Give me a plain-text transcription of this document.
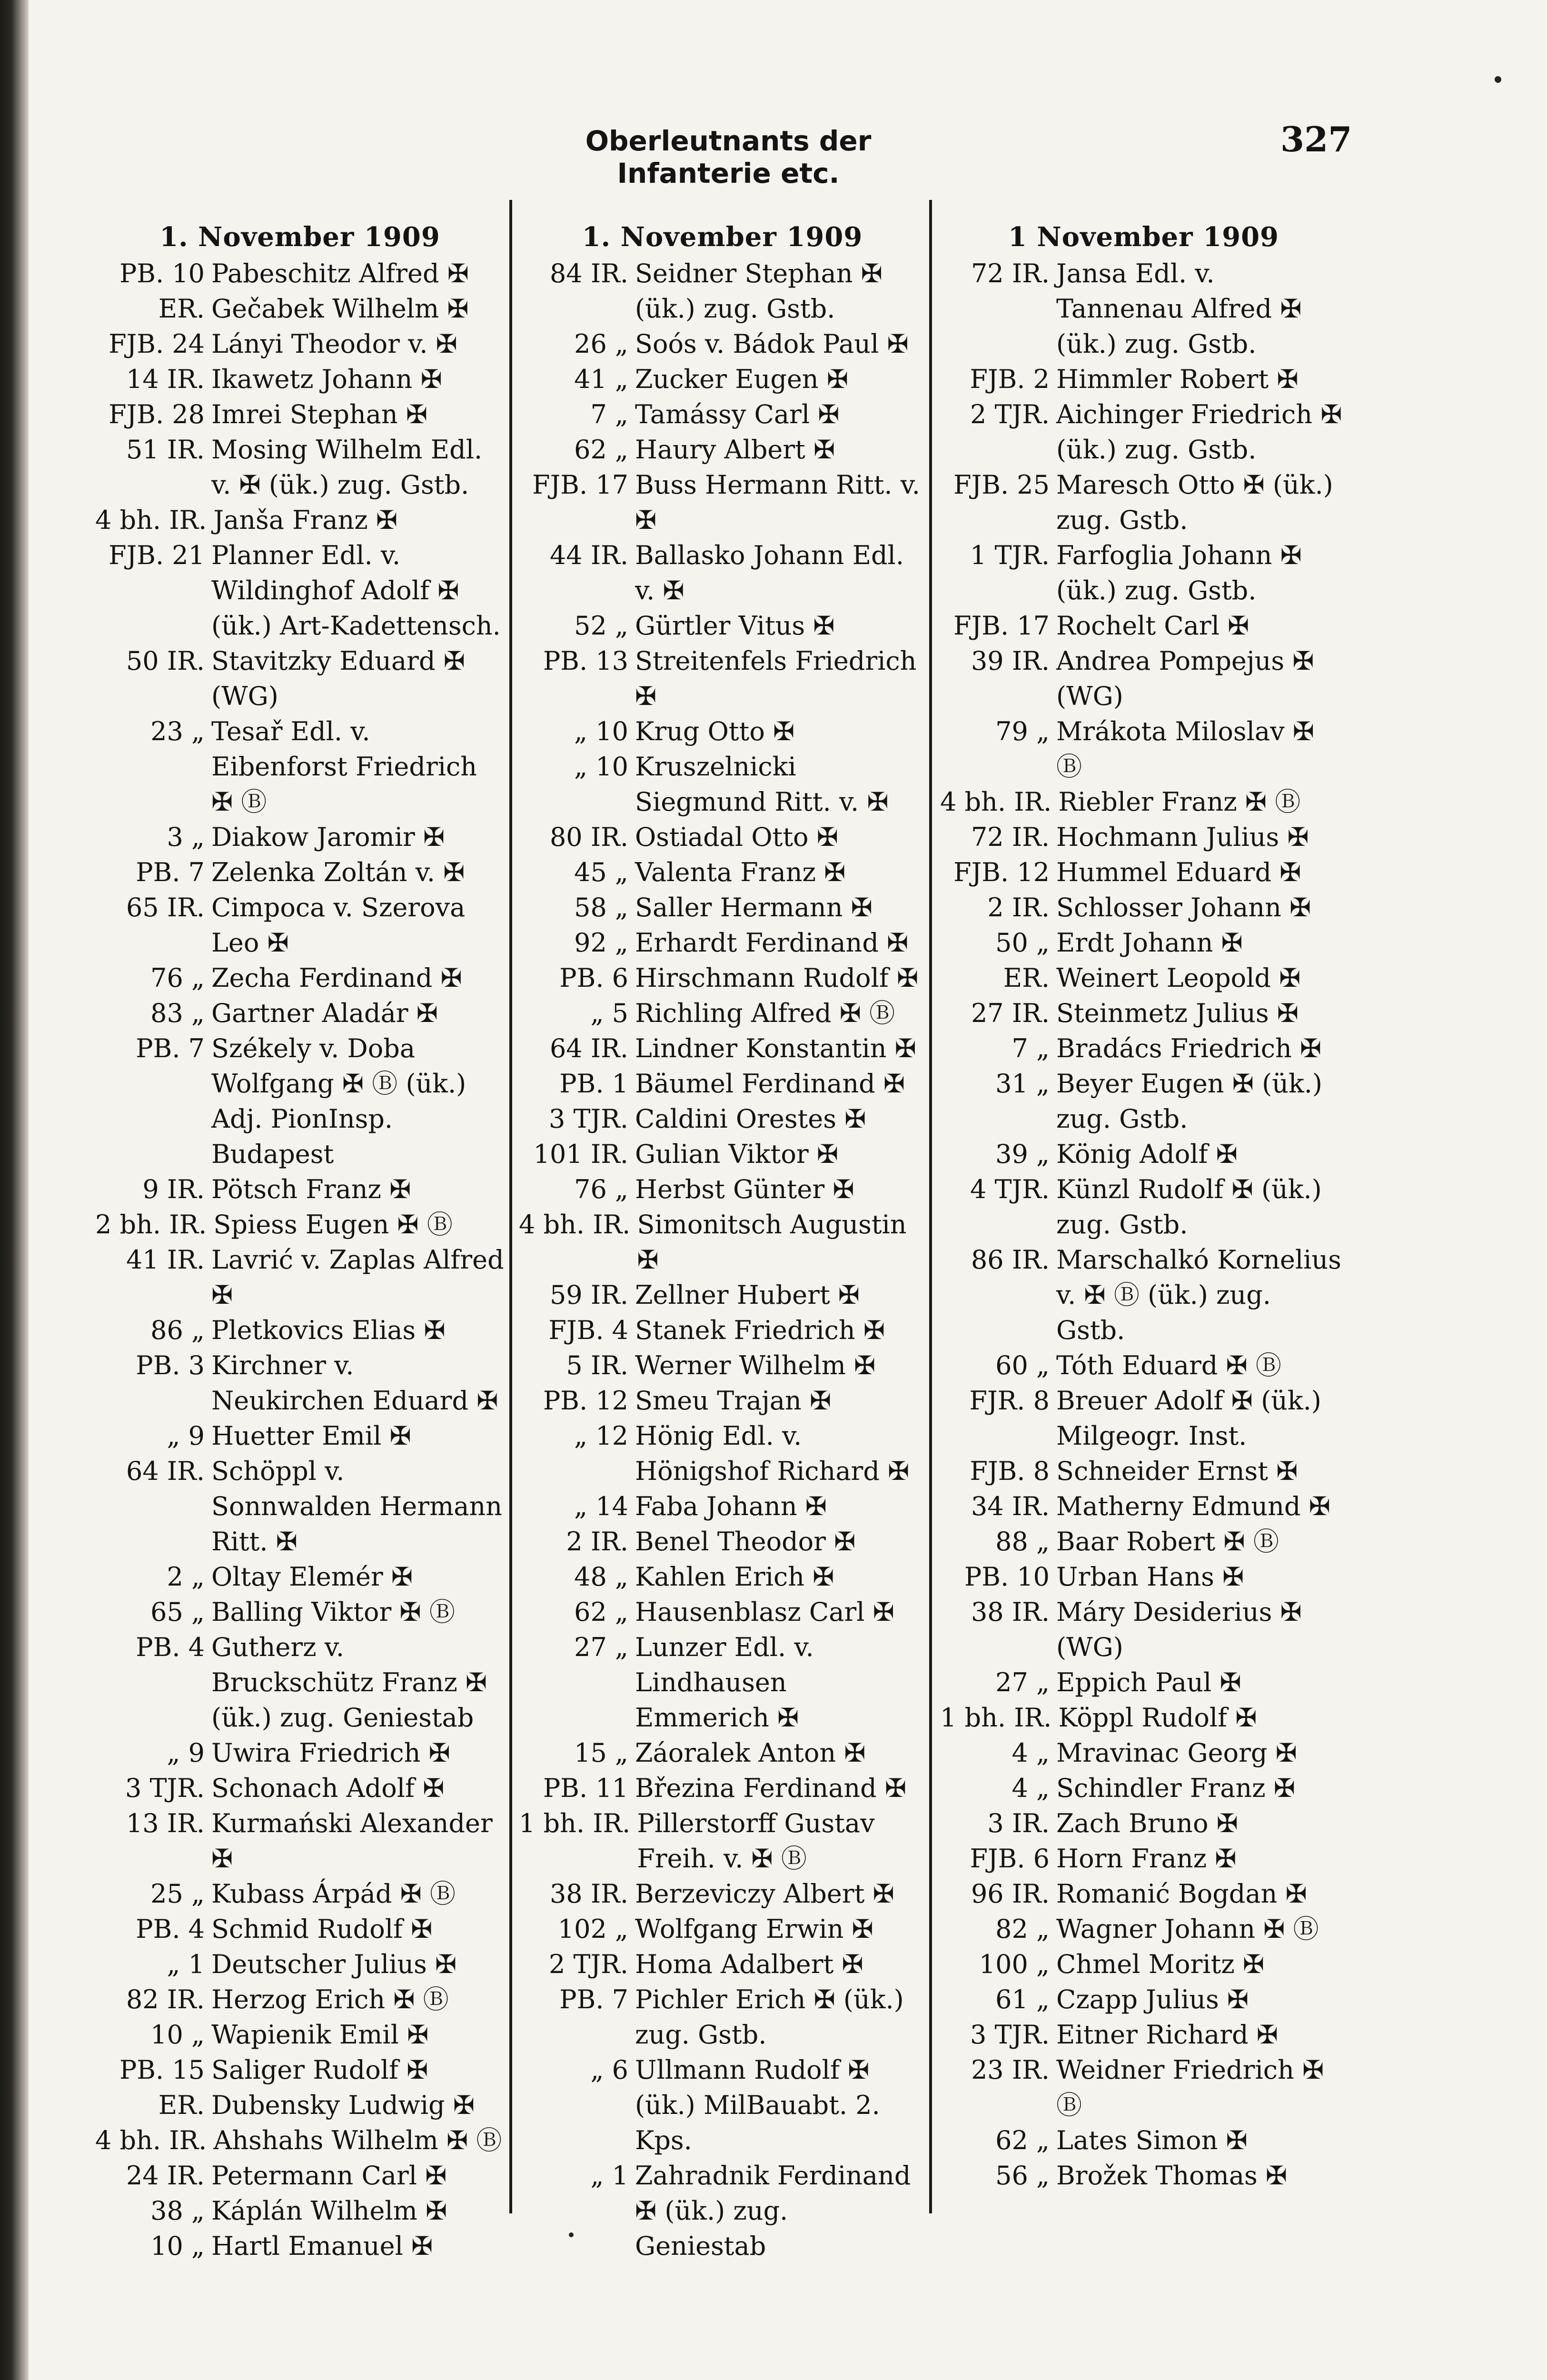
Oberleutnants der Infanterie etc.
327
1. November 1909
PB. 10 Pabeschitz Alfred ✠
ER. Gečabek Wilhelm ✠
FJB. 24 Lányi Theodor v. ✠
14 IR. Ikawetz Johann ✠
FJB. 28 Imrei Stephan ✠
51 IR. Mosing Wilhelm Edl. v. ✠ (ük.) zug. Gstb.
4 bh. IR. Janša Franz ✠
FJB. 21 Planner Edl. v. Wildinghof Adolf ✠ (ük.) Art-Kadettensch.
50 IR. Stavitzky Eduard ✠ (WG)
23 „ Tesař Edl. v. Eibenforst Friedrich ✠ Ⓑ
3 „ Diakow Jaromir ✠
PB. 7 Zelenka Zoltán v. ✠
65 IR. Cimpoca v. Szerova Leo ✠
76 „ Zecha Ferdinand ✠
83 „ Gartner Aladár ✠
PB. 7 Székely v. Doba Wolfgang ✠ Ⓑ (ük.) Adj. PionInsp. Budapest
9 IR. Pötsch Franz ✠
2 bh. IR. Spiess Eugen ✠ Ⓑ
41 IR. Lavrić v. Zaplas Alfred ✠
86 „ Pletkovics Elias ✠
PB. 3 Kirchner v. Neukirchen Eduard ✠
„ 9 Huetter Emil ✠
64 IR. Schöppl v. Sonnwalden Hermann Ritt. ✠
2 „ Oltay Elemér ✠
65 „ Balling Viktor ✠ Ⓑ
PB. 4 Gutherz v. Bruckschütz Franz ✠ (ük.) zug. Geniestab
„ 9 Uwira Friedrich ✠
3 TJR. Schonach Adolf ✠
13 IR. Kurmański Alexander ✠
25 „ Kubass Árpád ✠ Ⓑ
PB. 4 Schmid Rudolf ✠
„ 1 Deutscher Julius ✠
82 IR. Herzog Erich ✠ Ⓑ
10 „ Wapienik Emil ✠
PB. 15 Saliger Rudolf ✠
ER. Dubensky Ludwig ✠
4 bh. IR. Ahshahs Wilhelm ✠ Ⓑ
24 IR. Petermann Carl ✠
38 „ Káplán Wilhelm ✠
10 „ Hartl Emanuel ✠
1. November 1909
84 IR. Seidner Stephan ✠ (ük.) zug. Gstb.
26 „ Soós v. Bádok Paul ✠
41 „ Zucker Eugen ✠
7 „ Tamássy Carl ✠
62 „ Haury Albert ✠
FJB. 17 Buss Hermann Ritt. v. ✠
44 IR. Ballasko Johann Edl. v. ✠
52 „ Gürtler Vitus ✠
PB. 13 Streitenfels Friedrich ✠
„ 10 Krug Otto ✠
„ 10 Kruszelnicki Siegmund Ritt. v. ✠
80 IR. Ostiadal Otto ✠
45 „ Valenta Franz ✠
58 „ Saller Hermann ✠
92 „ Erhardt Ferdinand ✠
PB. 6 Hirschmann Rudolf ✠
„ 5 Richling Alfred ✠ Ⓑ
64 IR. Lindner Konstantin ✠
PB. 1 Bäumel Ferdinand ✠
3 TJR. Caldini Orestes ✠
101 IR. Gulian Viktor ✠
76 „ Herbst Günter ✠
4 bh. IR. Simonitsch Augustin ✠
59 IR. Zellner Hubert ✠
FJB. 4 Stanek Friedrich ✠
5 IR. Werner Wilhelm ✠
PB. 12 Smeu Trajan ✠
„ 12 Hönig Edl. v. Hönigshof Richard ✠
„ 14 Faba Johann ✠
2 IR. Benel Theodor ✠
48 „ Kahlen Erich ✠
62 „ Hausenblasz Carl ✠
27 „ Lunzer Edl. v. Lindhausen Emmerich ✠
15 „ Záoralek Anton ✠
PB. 11 Březina Ferdinand ✠
1 bh. IR. Pillerstorff Gustav Freih. v. ✠ Ⓑ
38 IR. Berzeviczy Albert ✠
102 „ Wolfgang Erwin ✠
2 TJR. Homa Adalbert ✠
PB. 7 Pichler Erich ✠ (ük.) zug. Gstb.
„ 6 Ullmann Rudolf ✠ (ük.) MilBauabt. 2. Kps.
„ 1 Zahradnik Ferdinand ✠ (ük.) zug. Geniestab
1 November 1909
72 IR. Jansa Edl. v. Tannenau Alfred ✠ (ük.) zug. Gstb.
FJB. 2 Himmler Robert ✠
2 TJR. Aichinger Friedrich ✠ (ük.) zug. Gstb.
FJB. 25 Maresch Otto ✠ (ük.) zug. Gstb.
1 TJR. Farfoglia Johann ✠ (ük.) zug. Gstb.
FJB. 17 Rochelt Carl ✠
39 IR. Andrea Pompejus ✠ (WG)
79 „ Mrákota Miloslav ✠ Ⓑ
4 bh. IR. Riebler Franz ✠ Ⓑ
72 IR. Hochmann Julius ✠
FJB. 12 Hummel Eduard ✠
2 IR. Schlosser Johann ✠
50 „ Erdt Johann ✠
ER. Weinert Leopold ✠
27 IR. Steinmetz Julius ✠
7 „ Bradács Friedrich ✠
31 „ Beyer Eugen ✠ (ük.) zug. Gstb.
39 „ König Adolf ✠
4 TJR. Künzl Rudolf ✠ (ük.) zug. Gstb.
86 IR. Marschalkó Kornelius v. ✠ Ⓑ (ük.) zug. Gstb.
60 „ Tóth Eduard ✠ Ⓑ
FJR. 8 Breuer Adolf ✠ (ük.) Milgeogr. Inst.
FJB. 8 Schneider Ernst ✠
34 IR. Matherny Edmund ✠
88 „ Baar Robert ✠ Ⓑ
PB. 10 Urban Hans ✠
38 IR. Máry Desiderius ✠ (WG)
27 „ Eppich Paul ✠
1 bh. IR. Köppl Rudolf ✠
4 „ Mravinac Georg ✠
4 „ Schindler Franz ✠
3 IR. Zach Bruno ✠
FJB. 6 Horn Franz ✠
96 IR. Romanić Bogdan ✠
82 „ Wagner Johann ✠ Ⓑ
100 „ Chmel Moritz ✠
61 „ Czapp Julius ✠
3 TJR. Eitner Richard ✠
23 IR. Weidner Friedrich ✠ Ⓑ
62 „ Lates Simon ✠
56 „ Brožek Thomas ✠
